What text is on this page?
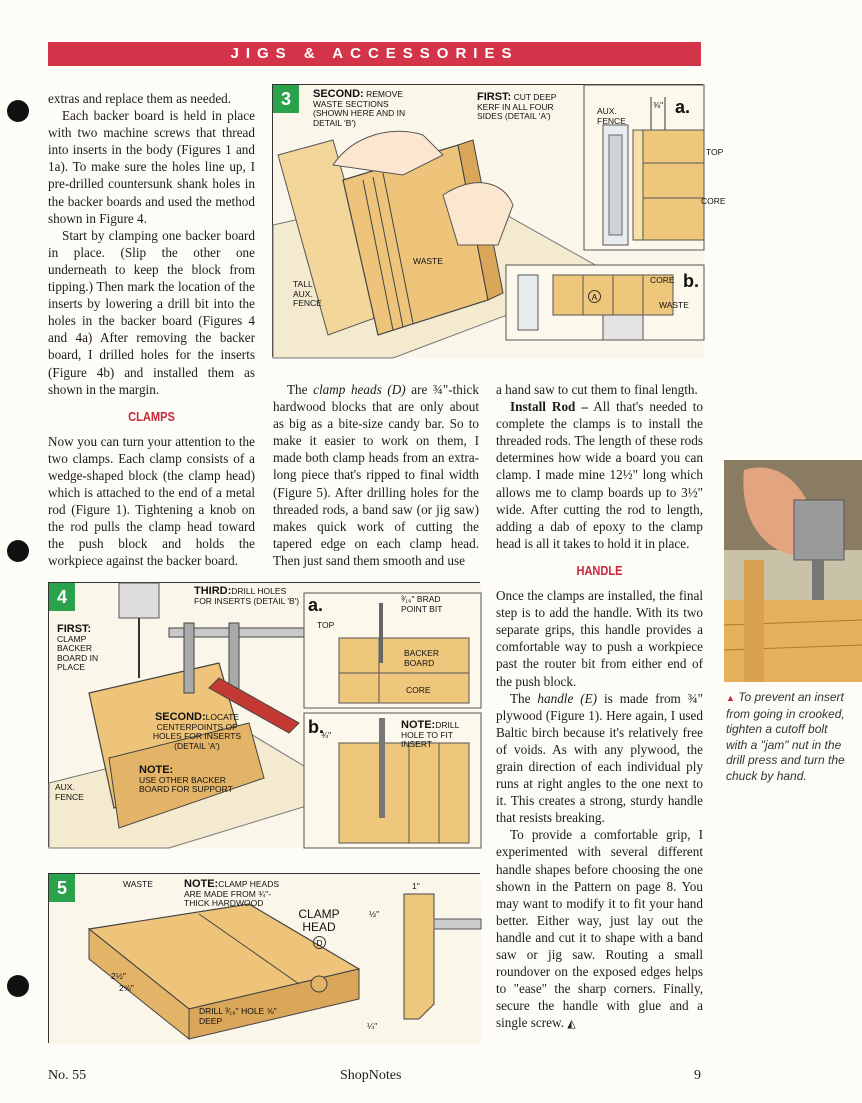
JIGS & ACCESSORIES

extras and replace them as needed.

Each backer board is held in place with two machine screws that thread into inserts in the body (Figures 1 and 1a). To make sure the holes line up, I pre-drilled countersunk shank holes in the backer boards and used the method shown in Figure 4.

Start by clamping one backer board in place. (Slip the other one underneath to keep the block from tipping.) Then mark the location of the inserts by lowering a drill bit into the holes in the backer board (Figures 4 and 4a) After removing the backer board, I drilled holes for the inserts (Figure 4b) and installed them as shown in the margin.

CLAMPS

Now you can turn your attention to the two clamps. Each clamp consists of a wedge-shaped block (the clamp head) which is attached to the end of a metal rod (Figure 1). Tightening a knob on the rod pulls the clamp head toward the push block and holds the workpiece against the backer board.

The clamp heads (D) are ¾"-thick hardwood blocks that are only about as big as a bite-size candy bar. So to make it easier to work on them, I made both clamp heads from an extra-long piece that's ripped to final width (Figure 5). After drilling holes for the threaded rods, a band saw (or jig saw) makes quick work of cutting the tapered edge on each clamp head. Then just sand them smooth and use

a hand saw to cut them to final length.

Install Rod – All that's needed to complete the clamps is to install the threaded rods. The length of these rods determines how wide a board you can clamp. I made mine 12½" long which allows me to clamp boards up to 3½" wide. After cutting the rod to length, adding a dab of epoxy to the clamp head is all it takes to hold it in place.

HANDLE

Once the clamps are installed, the final step is to add the handle. With its two separate grips, this handle provides a comfortable way to push a workpiece past the router bit from either end of the push block.

The handle (E) is made from ¾" plywood (Figure 1). Here again, I used Baltic birch because it's relatively free of voids. As with any plywood, the grain direction of each individual ply runs at right angles to the one next to it. This creates a strong, sturdy handle that resists breaking.

To provide a comfortable grip, I experimented with several different handle shapes before choosing the one shown in the Pattern on page 8. You may want to modify it to fit your hand better. Either way, just lay out the handle and cut it to shape with a band saw or jig saw. Routing a small roundover on the exposed edges helps to "ease" the sharp corners. Finally, secure the handle with glue and a single screw. ◭

3	SECOND: REMOVE WASTE SECTIONS (SHOWN HERE AND IN DETAIL 'B')
FIRST: CUT DEEP KERF IN ALL FOUR SIDES (DETAIL 'A')
WASTE
TALL AUX. FENCE
a.
AUX. FENCE
⅜"
TOP
CORE
b.
CORE
WASTE
A
4
FIRST:
CLAMP BACKER BOARD IN PLACE
THIRD:DRILL HOLES FOR INSERTS (DETAIL 'B')
SECOND:LOCATE CENTERPOINTS OF HOLES FOR INSERTS (DETAIL 'A')
NOTE:
USE OTHER BACKER BOARD FOR SUPPORT
AUX. FENCE
a.
TOP
³⁄₁₆" BRAD POINT BIT
BACKER BOARD
CORE
b.	NOTE:DRILL HOLE TO FIT INSERT
¾"
5	WASTE	NOTE:CLAMP HEADS ARE MADE FROM ¾"-THICK HARDWOOD
CLAMP HEAD
D
2½"
2⅝"
DRILL ³⁄₁₆" HOLE ⅝" DEEP
1"
½"
¼"
▲ To prevent an insert from going in crooked, tighten a cutoff bolt with a "jam" nut in the drill press and turn the chuck by hand.
No. 55	ShopNotes	9
